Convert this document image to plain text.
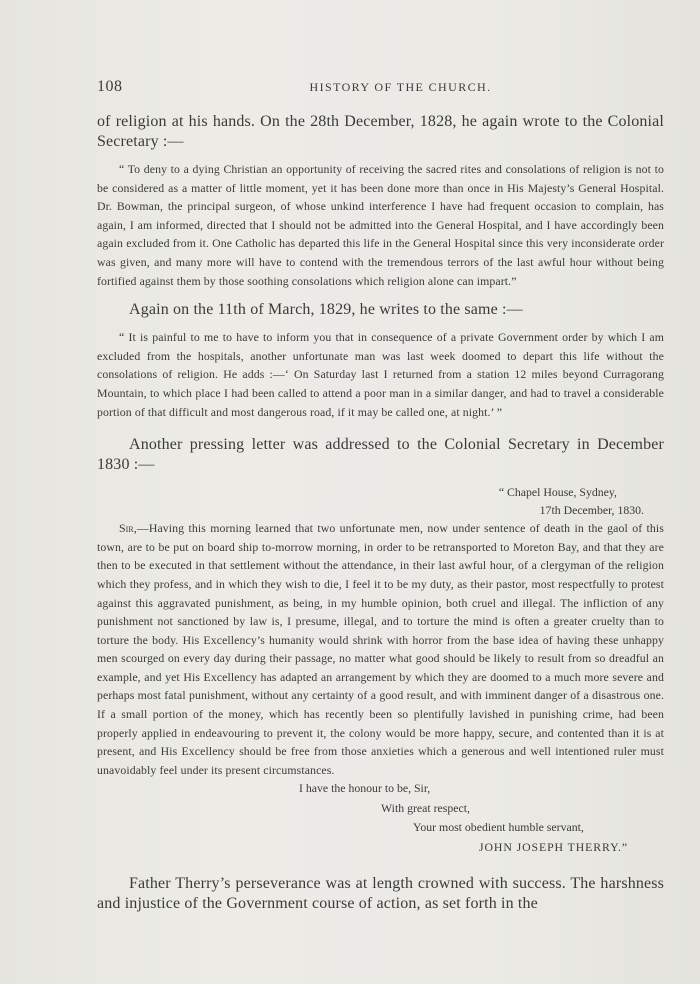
108	HISTORY OF THE CHURCH.

of religion at his hands. On the 28th December, 1828, he again wrote to the Colonial Secretary :—

“ To deny to a dying Christian an opportunity of receiving the sacred rites and consolations of religion is not to be considered as a matter of little moment, yet it has been done more than once in His Majesty’s General Hospital. Dr. Bowman, the principal surgeon, of whose unkind interference I have had frequent occasion to complain, has again, I am informed, directed that I should not be admitted into the General Hospital, and I have accordingly been again excluded from it. One Catholic has departed this life in the General Hospital since this very inconsiderate order was given, and many more will have to contend with the tremendous terrors of the last awful hour without being fortified against them by those soothing consolations which religion alone can impart.”

Again on the 11th of March, 1829, he writes to the same :—

“ It is painful to me to have to inform you that in consequence of a private Government order by which I am excluded from the hospitals, another unfortunate man was last week doomed to depart this life without the consolations of religion. He adds :—‘ On Saturday last I returned from a station 12 miles beyond Curragorang Mountain, to which place I had been called to attend a poor man in a similar danger, and had to travel a considerable portion of that difficult and most dangerous road, if it may be called one, at night.’ ”

Another pressing letter was addressed to the Colonial Secretary in December 1830 :—

“ Chapel House, Sydney,
17th December, 1830.

Sir,—Having this morning learned that two unfortunate men, now under sentence of death in the gaol of this town, are to be put on board ship to-morrow morning, in order to be retransported to Moreton Bay, and that they are then to be executed in that settlement without the attendance, in their last awful hour, of a clergyman of the religion which they profess, and in which they wish to die, I feel it to be my duty, as their pastor, most respectfully to protest against this aggravated punishment, as being, in my humble opinion, both cruel and illegal. The infliction of any punishment not sanctioned by law is, I presume, illegal, and to torture the mind is often a greater cruelty than to torture the body. His Excellency’s humanity would shrink with horror from the base idea of having these unhappy men scourged on every day during their passage, no matter what good should be likely to result from so dreadful an example, and yet His Excellency has adapted an arrangement by which they are doomed to a much more severe and perhaps most fatal punishment, without any certainty of a good result, and with imminent danger of a disastrous one. If a small portion of the money, which has recently been so plentifully lavished in punishing crime, had been properly applied in endeavouring to prevent it, the colony would be more happy, secure, and contented than it is at present, and His Excellency should be free from those anxieties which a generous and well intentioned ruler must unavoidably feel under its present circumstances.

I have the honour to be, Sir,
With great respect,
Your most obedient humble servant,
JOHN JOSEPH THERRY.”

Father Therry’s perseverance was at length crowned with success. The harshness and injustice of the Government course of action, as set forth in the
